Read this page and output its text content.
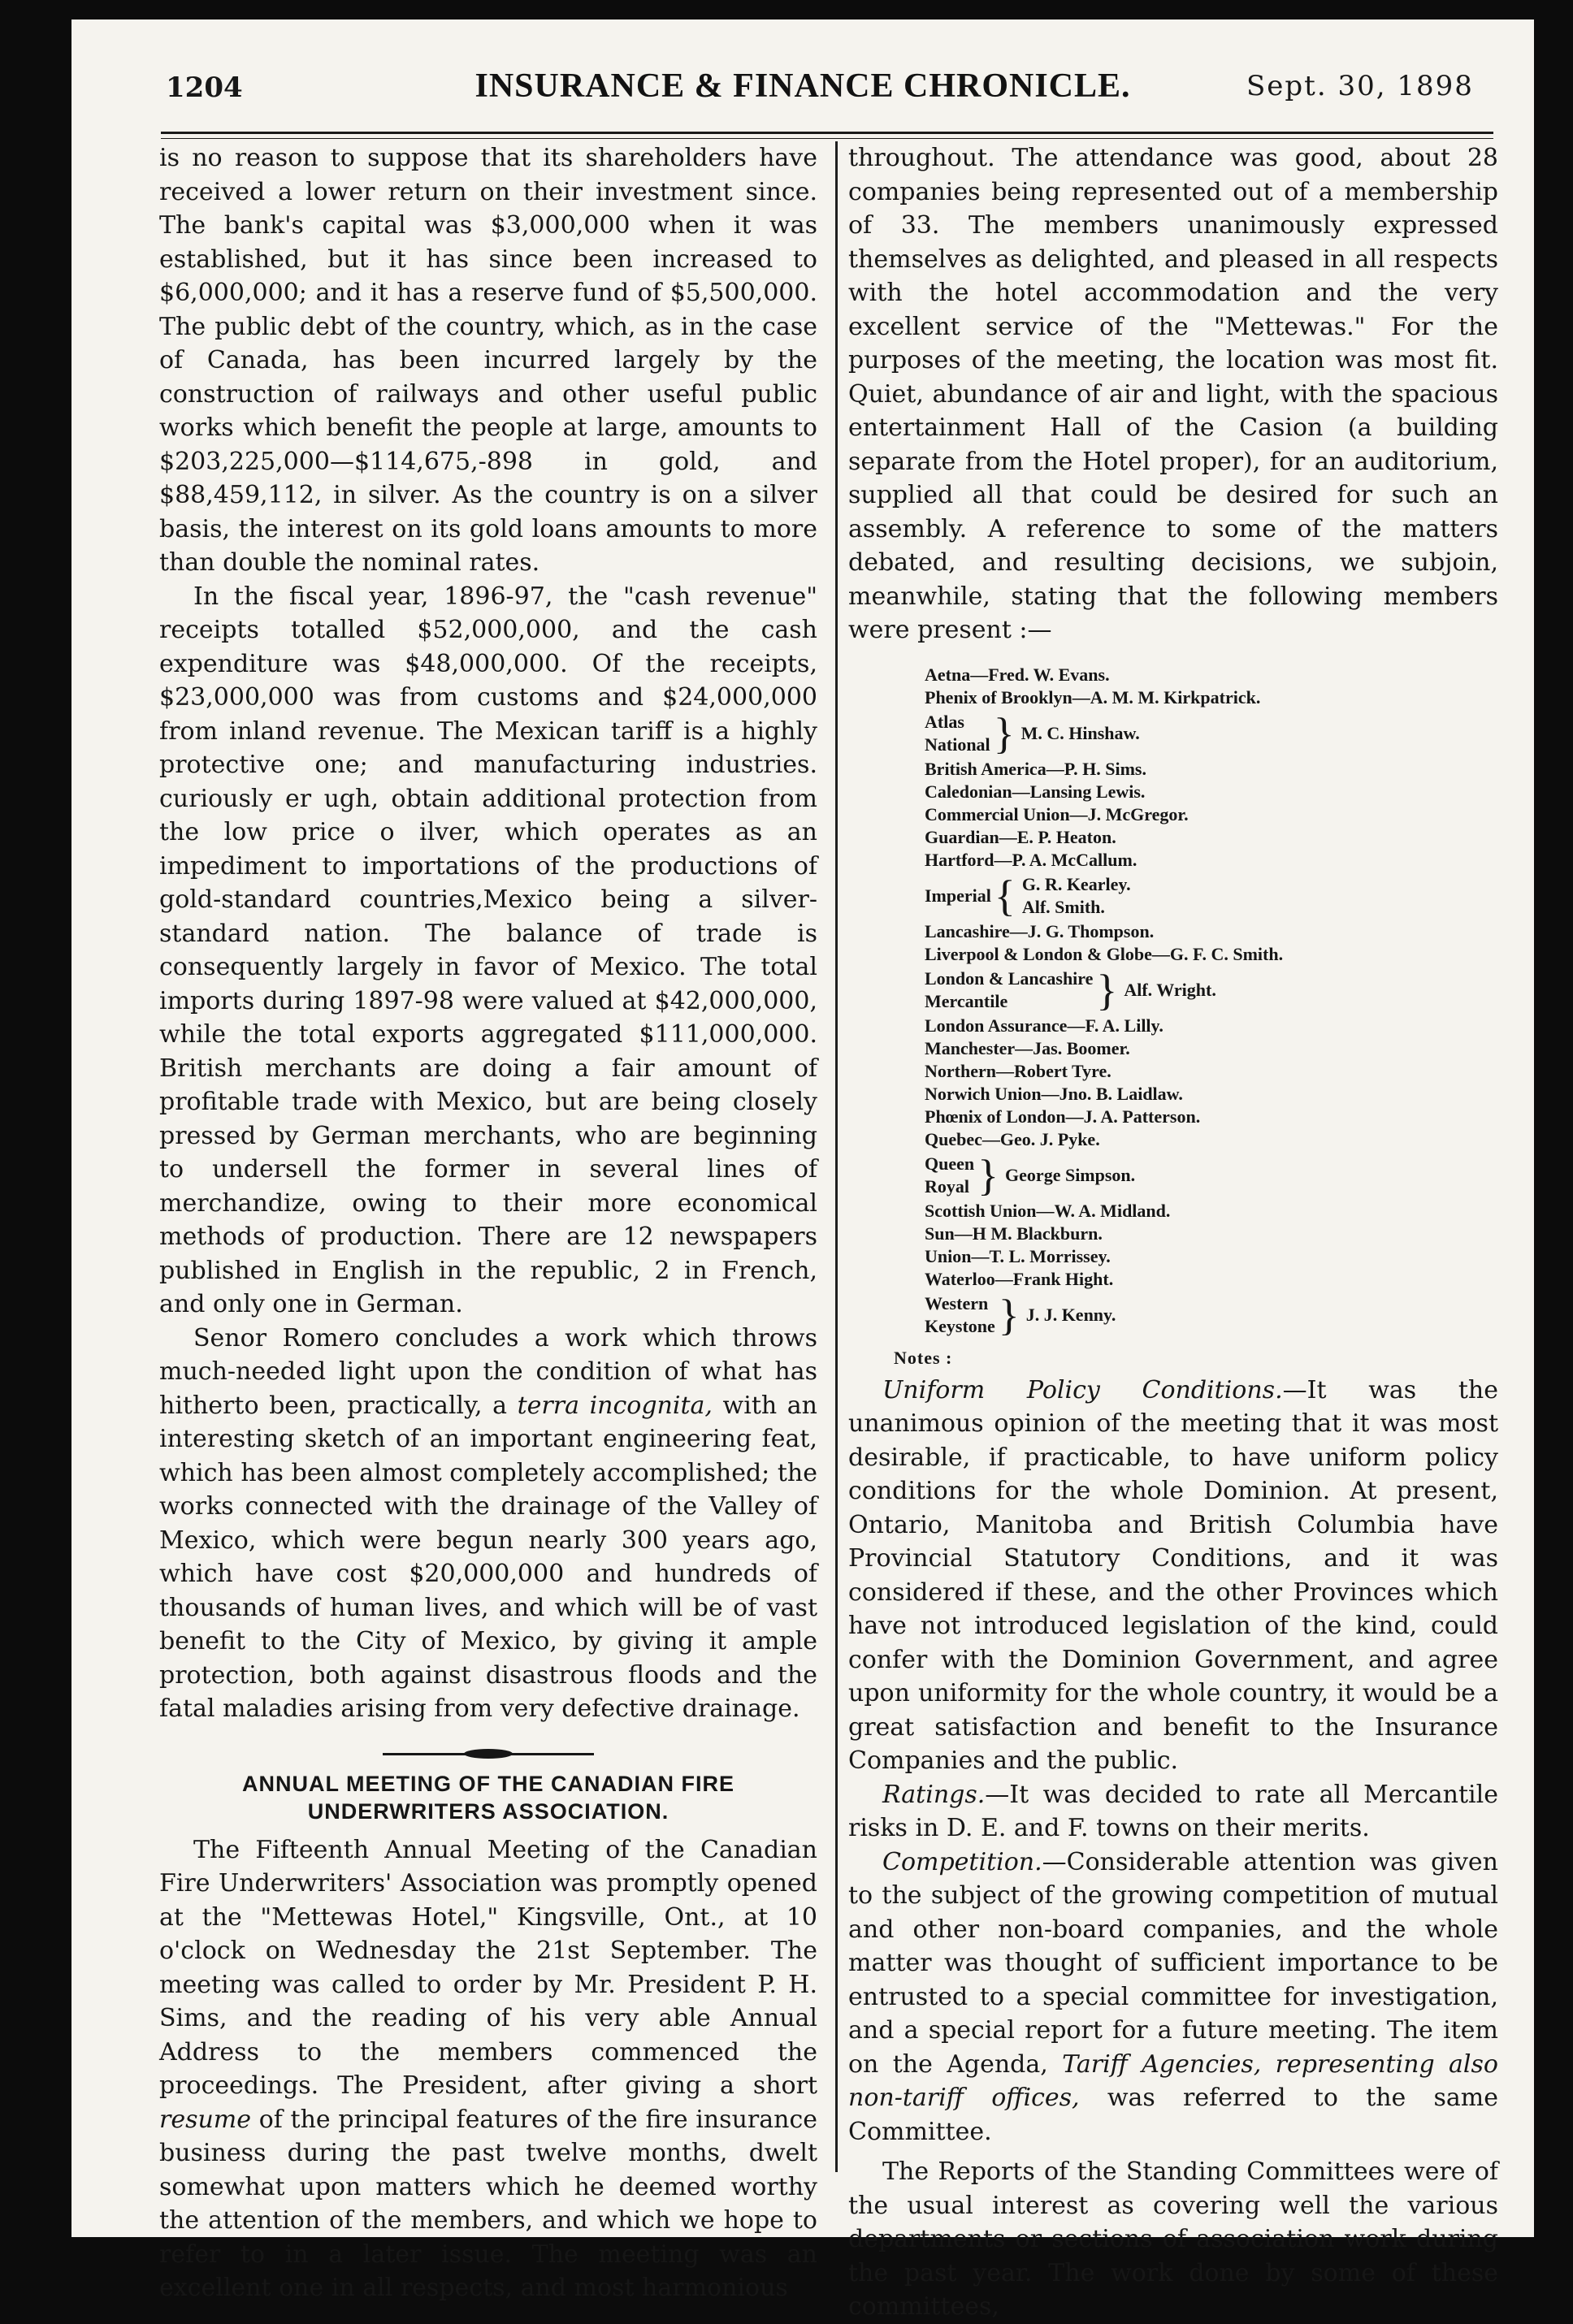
1204	INSURANCE & FINANCE CHRONICLE.	Sept. 30, 1898

is no reason to suppose that its shareholders have received a lower return on their investment since. The bank's capital was $3,000,000 when it was established, but it has since been increased to $6,000,000; and it has a reserve fund of $5,500,000. The public debt of the country, which, as in the case of Canada, has been incurred largely by the construction of railways and other useful public works which benefit the people at large, amounts to $203,225,000—$114,675,-898 in gold, and $88,459,112, in silver. As the country is on a silver basis, the interest on its gold loans amounts to more than double the nominal rates.

In the fiscal year, 1896-97, the "cash revenue" receipts totalled $52,000,000, and the cash expenditure was $48,000,000. Of the receipts, $23,000,000 was from customs and $24,000,000 from inland revenue. The Mexican tariff is a highly protective one; and manufacturing industries. curiously er ugh, obtain additional protection from the low price o ilver, which operates as an impediment to importations of the productions of gold-standard countries,Mexico being a silver-standard nation. The balance of trade is consequently largely in favor of Mexico. The total imports during 1897-98 were valued at $42,000,000, while the total exports aggregated $111,000,000. British merchants are doing a fair amount of profitable trade with Mexico, but are being closely pressed by German merchants, who are beginning to undersell the former in several lines of merchandize, owing to their more economical methods of production. There are 12 newspapers published in English in the republic, 2 in French, and only one in German.

Senor Romero concludes a work which throws much-needed light upon the condition of what has hitherto been, practically, a terra incognita, with an interesting sketch of an important engineering feat, which has been almost completely accomplished; the works connected with the drainage of the Valley of Mexico, which were begun nearly 300 years ago, which have cost $20,000,000 and hundreds of thousands of human lives, and which will be of vast benefit to the City of Mexico, by giving it ample protection, both against disastrous floods and the fatal maladies arising from very defective drainage.

ANNUAL MEETING OF THE CANADIAN FIRE
UNDERWRITERS ASSOCIATION.

The Fifteenth Annual Meeting of the Canadian Fire Underwriters' Association was promptly opened at the "Mettewas Hotel," Kingsville, Ont., at 10 o'clock on Wednesday the 21st September. The meeting was called to order by Mr. President P. H. Sims, and the reading of his very able Annual Address to the members commenced the proceedings. The President, after giving a short resume of the principal features of the fire insurance business during the past twelve months, dwelt somewhat upon matters which he deemed worthy the attention of the members, and which we hope to refer to in a later issue. The meeting was an excellent one in all respects, and most harmonious

throughout. The attendance was good, about 28 companies being represented out of a membership of 33. The members unanimously expressed themselves as delighted, and pleased in all respects with the hotel accommodation and the very excellent service of the "Mettewas." For the purposes of the meeting, the location was most fit. Quiet, abundance of air and light, with the spacious entertainment Hall of the Casion (a building separate from the Hotel proper), for an auditorium, supplied all that could be desired for such an assembly. A reference to some of the matters debated, and resulting decisions, we subjoin, meanwhile, stating that the following members were present :—

Aetna—Fred. W. Evans.
Phenix of Brooklyn—A. M. M. Kirkpatrick.
Atlas
National } M. C. Hinshaw.
British America—P. H. Sims.
Caledonian—Lansing Lewis.
Commercial Union—J. McGregor.
Guardian—E. P. Heaton.
Hartford—P. A. McCallum.
Imperial { G. R. Kearley.
Alf. Smith.
Lancashire—J. G. Thompson.
Liverpool & London & Globe—G. F. C. Smith.
London & Lancashire
Mercantile	} Alf. Wright.
London Assurance—F. A. Lilly.
Manchester—Jas. Boomer.
Northern—Robert Tyre.
Norwich Union—Jno. B. Laidlaw.
Phœnix of London—J. A. Patterson.
Quebec—Geo. J. Pyke.
Queen
Royal } George Simpson.
Scottish Union—W. A. Midland.
Sun—H M. Blackburn.
Union—T. L. Morrissey.
Waterloo—Frank Hight.
Western
Keystone } J. J. Kenny.
Notes :

Uniform Policy Conditions.—It was the unanimous opinion of the meeting that it was most desirable, if practicable, to have uniform policy conditions for the whole Dominion. At present, Ontario, Manitoba and British Columbia have Provincial Statutory Conditions, and it was considered if these, and the other Provinces which have not introduced legislation of the kind, could confer with the Dominion Government, and agree upon uniformity for the whole country, it would be a great satisfaction and benefit to the Insurance Companies and the public.

Ratings.—It was decided to rate all Mercantile risks in D. E. and F. towns on their merits.

Competition.—Considerable attention was given to the subject of the growing competition of mutual and other non-board companies, and the whole matter was thought of sufficient importance to be entrusted to a special committee for investigation, and a special report for a future meeting. The item on the Agenda, Tariff Agencies, representing also non-tariff offices, was referred to the same Committee.

The Reports of the Standing Committees were of the usual interest as covering well the various departments or sections of association work during the past year. The work done by some of these committees,
